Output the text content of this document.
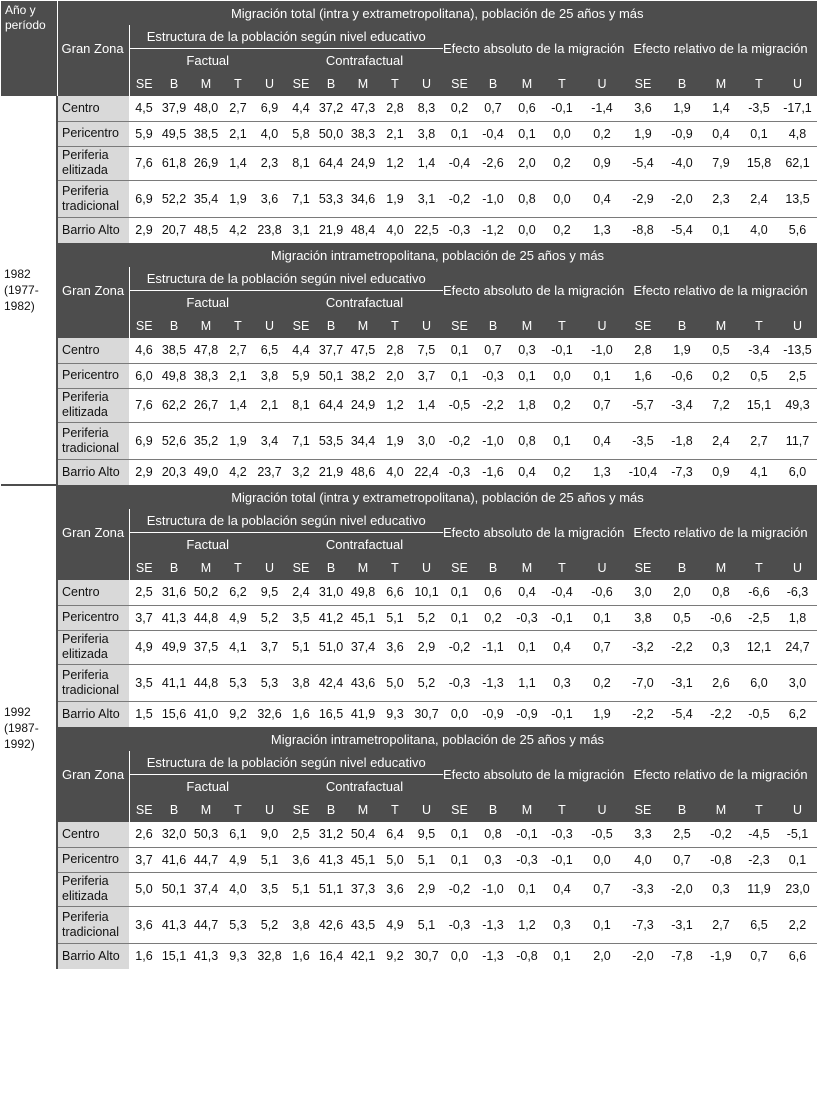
Año y
período	Migración total (intra y extrametropolitana), población de 25 años y más																				
	Gran Zona	Estructura de la población según nivel educativo										Efecto absoluto de la migración					Efecto relativo de la migración				
		Factual					Contrafactual														
		SE	B	M	T	U	SE	B	M	T	U	SE	B	M	T	U	SE	B	M	T	U

1982
(1977-
1982)	Centro	4,5	37,9	48,0	2,7	6,9	4,4	37,2	47,3	2,8	8,3	0,2	0,7	0,6	-0,1	-1,4	3,6	1,9	1,4	-3,5	-17,1
	Pericentro	5,9	49,5	38,5	2,1	4,0	5,8	50,0	38,3	2,1	3,8	0,1	-0,4	0,1	0,0	0,2	1,9	-0,9	0,4	0,1	4,8

	Periferia
elitizada	7,6	61,8	26,9	1,4	2,3	8,1	64,4	24,9	1,2	1,4	-0,4	-2,6	2,0	0,2	0,9	-5,4	-4,0	7,9	15,8	62,1

	Periferia
tradicional	6,9	52,2	35,4	1,9	3,6	7,1	53,3	34,6	1,9	3,1	-0,2	-1,0	0,8	0,0	0,4	-2,9	-2,0	2,3	2,4	13,5
	Barrio Alto	2,9	20,7	48,5	4,2	23,8	3,1	21,9	48,4	4,0	22,5	-0,3	-1,2	0,0	0,2	1,3	-8,8	-5,4	0,1	4,0	5,6
	Migración intrametropolitana, población de 25 años y más																				
	Gran Zona	Estructura de la población según nivel educativo										Efecto absoluto de la migración					Efecto relativo de la migración				
		Factual					Contrafactual														
		SE	B	M	T	U	SE	B	M	T	U	SE	B	M	T	U	SE	B	M	T	U
	Centro	4,6	38,5	47,8	2,7	6,5	4,4	37,7	47,5	2,8	7,5	0,1	0,7	0,3	-0,1	-1,0	2,8	1,9	0,5	-3,4	-13,5
	Pericentro	6,0	49,8	38,3	2,1	3,8	5,9	50,1	38,2	2,0	3,7	0,1	-0,3	0,1	0,0	0,1	1,6	-0,6	0,2	0,5	2,5

	Periferia
elitizada	7,6	62,2	26,7	1,4	2,1	8,1	64,4	24,9	1,2	1,4	-0,5	-2,2	1,8	0,2	0,7	-5,7	-3,4	7,2	15,1	49,3

	Periferia
tradicional	6,9	52,6	35,2	1,9	3,4	7,1	53,5	34,4	1,9	3,0	-0,2	-1,0	0,8	0,1	0,4	-3,5	-1,8	2,4	2,7	11,7
	Barrio Alto	2,9	20,3	49,0	4,2	23,7	3,2	21,9	48,6	4,0	22,4	-0,3	-1,6	0,4	0,2	1,3	-10,4	-7,3	0,9	4,1	6,0

1992
(1987-
1992)	Migración total (intra y extrametropolitana), población de 25 años y más																				
	Gran Zona	Estructura de la población según nivel educativo										Efecto absoluto de la migración					Efecto relativo de la migración				
		Factual					Contrafactual														
		SE	B	M	T	U	SE	B	M	T	U	SE	B	M	T	U	SE	B	M	T	U
	Centro	2,5	31,6	50,2	6,2	9,5	2,4	31,0	49,8	6,6	10,1	0,1	0,6	0,4	-0,4	-0,6	3,0	2,0	0,8	-6,6	-6,3
	Pericentro	3,7	41,3	44,8	4,9	5,2	3,5	41,2	45,1	5,1	5,2	0,1	0,2	-0,3	-0,1	0,1	3,8	0,5	-0,6	-2,5	1,8

	Periferia
elitizada	4,9	49,9	37,5	4,1	3,7	5,1	51,0	37,4	3,6	2,9	-0,2	-1,1	0,1	0,4	0,7	-3,2	-2,2	0,3	12,1	24,7

	Periferia
tradicional	3,5	41,1	44,8	5,3	5,3	3,8	42,4	43,6	5,0	5,2	-0,3	-1,3	1,1	0,3	0,2	-7,0	-3,1	2,6	6,0	3,0
	Barrio Alto	1,5	15,6	41,0	9,2	32,6	1,6	16,5	41,9	9,3	30,7	0,0	-0,9	-0,9	-0,1	1,9	-2,2	-5,4	-2,2	-0,5	6,2
	Migración intrametropolitana, población de 25 años y más																				
	Gran Zona	Estructura de la población según nivel educativo										Efecto absoluto de la migración					Efecto relativo de la migración				
		Factual					Contrafactual														
		SE	B	M	T	U	SE	B	M	T	U	SE	B	M	T	U	SE	B	M	T	U
	Centro	2,6	32,0	50,3	6,1	9,0	2,5	31,2	50,4	6,4	9,5	0,1	0,8	-0,1	-0,3	-0,5	3,3	2,5	-0,2	-4,5	-5,1
	Pericentro	3,7	41,6	44,7	4,9	5,1	3,6	41,3	45,1	5,0	5,1	0,1	0,3	-0,3	-0,1	0,0	4,0	0,7	-0,8	-2,3	0,1

	Periferia
elitizada	5,0	50,1	37,4	4,0	3,5	5,1	51,1	37,3	3,6	2,9	-0,2	-1,0	0,1	0,4	0,7	-3,3	-2,0	0,3	11,9	23,0

	Periferia
tradicional	3,6	41,3	44,7	5,3	5,2	3,8	42,6	43,5	4,9	5,1	-0,3	-1,3	1,2	0,3	0,1	-7,3	-3,1	2,7	6,5	2,2
	Barrio Alto	1,6	15,1	41,3	9,3	32,8	1,6	16,4	42,1	9,2	30,7	0,0	-1,3	-0,8	0,1	2,0	-2,0	-7,8	-1,9	0,7	6,6
